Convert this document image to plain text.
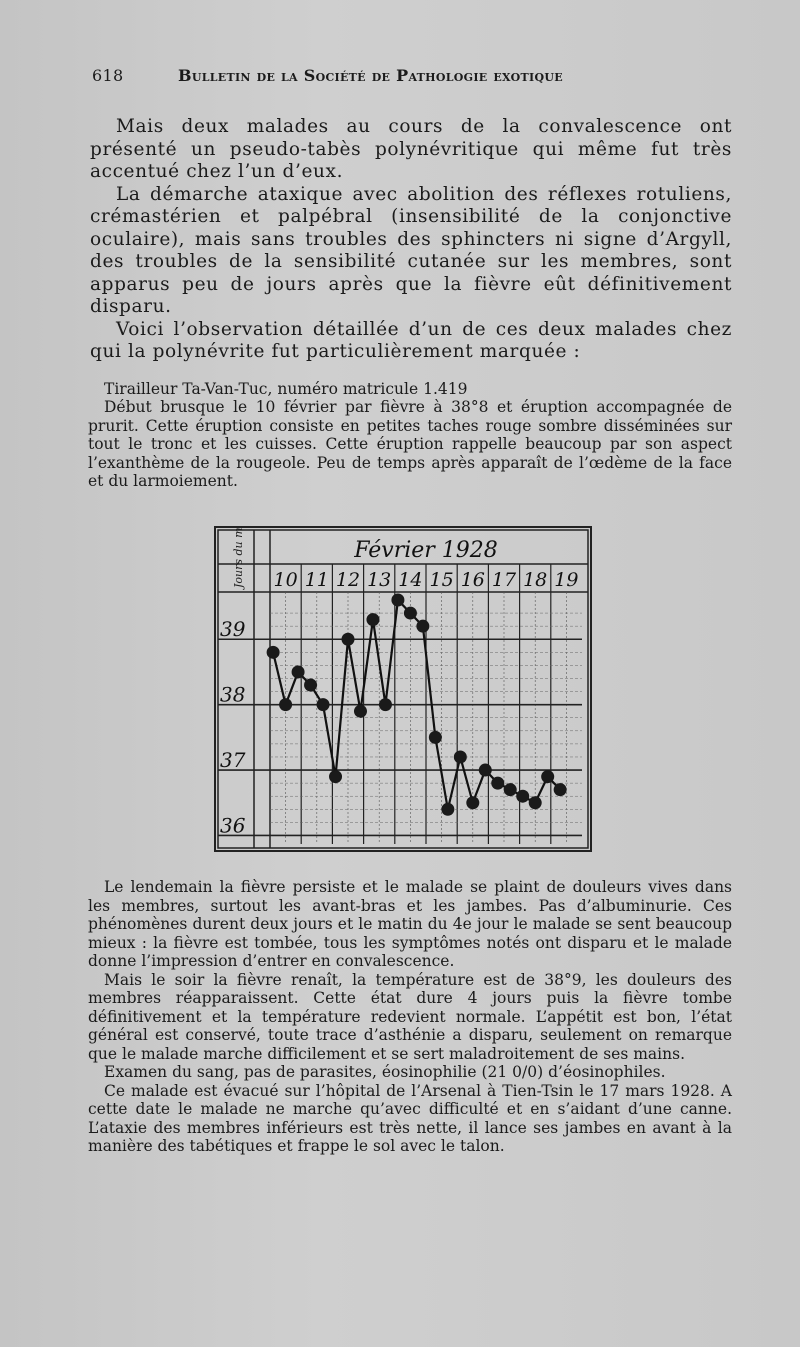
618	Bulletin de la Société de Pathologie exotique

Mais deux malades au cours de la convalescence ont présenté un pseudo-tabès polynévritique qui même fut très accentué chez l’un d’eux.

La démarche ataxique avec abolition des réflexes rotuliens, crémastérien et palpébral (insensibilité de la conjonctive oculaire), mais sans troubles des sphincters ni signe d’Argyll, des troubles de la sensibilité cutanée sur les membres, sont apparus peu de jours après que la fièvre eût définitivement disparu.

Voici l’observation détaillée d’un de ces deux malades chez qui la polynévrite fut particulièrement marquée :

Tirailleur Ta-Van-Tuc, numéro matricule 1.419

Début brusque le 10 février par fièvre à 38°8 et éruption accompagnée de prurit. Cette éruption consiste en petites taches rouge sombre disséminées sur tout le tronc et les cuisses. Cette éruption rappelle beaucoup par son aspect l’exanthème de la rougeole. Peu de temps après apparaît de l’œdème de la face et du larmoiement.

Jours du mois	Février 1928
10 11 12 13 14 15 16 17 18 19
39
38
37
36

Le lendemain la fièvre persiste et le malade se plaint de douleurs vives dans les membres, surtout les avant-bras et les jambes. Pas d’albuminurie. Ces phénomènes durent deux jours et le matin du 4e jour le malade se sent beaucoup mieux : la fièvre est tombée, tous les symptômes notés ont disparu et le malade donne l’impression d’entrer en convalescence.

Mais le soir la fièvre renaît, la température est de 38°9, les douleurs des membres réapparaissent. Cette état dure 4 jours puis la fièvre tombe définitivement et la température redevient normale. L’appétit est bon, l’état général est conservé, toute trace d’asthénie a disparu, seulement on remarque que le malade marche difficilement et se sert maladroitement de ses mains.

Examen du sang, pas de parasites, éosinophilie (21 0/0) d’éosinophiles.

Ce malade est évacué sur l’hôpital de l’Arsenal à Tien-Tsin le 17 mars 1928. A cette date le malade ne marche qu’avec difficulté et en s’aidant d’une canne. L’ataxie des membres inférieurs est très nette, il lance ses jambes en avant à la manière des tabétiques et frappe le sol avec le talon.
